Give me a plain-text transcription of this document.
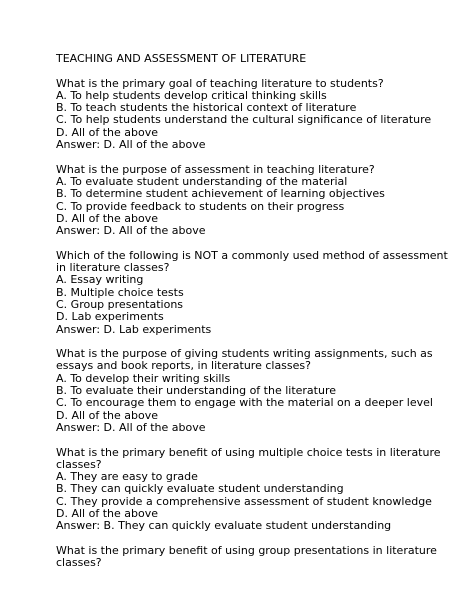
TEACHING AND ASSESSMENT OF LITERATURE
What is the primary goal of teaching literature to students?
A. To help students develop critical thinking skills
B. To teach students the historical context of literature
C. To help students understand the cultural significance of literature
D. All of the above
Answer: D. All of the above
What is the purpose of assessment in teaching literature?
A. To evaluate student understanding of the material
B. To determine student achievement of learning objectives
C. To provide feedback to students on their progress
D. All of the above
Answer: D. All of the above
Which of the following is NOT a commonly used method of assessment
in literature classes?
A. Essay writing
B. Multiple choice tests
C. Group presentations
D. Lab experiments
Answer: D. Lab experiments
What is the purpose of giving students writing assignments, such as
essays and book reports, in literature classes?
A. To develop their writing skills
B. To evaluate their understanding of the literature
C. To encourage them to engage with the material on a deeper level
D. All of the above
Answer: D. All of the above
What is the primary benefit of using multiple choice tests in literature
classes?
A. They are easy to grade
B. They can quickly evaluate student understanding
C. They provide a comprehensive assessment of student knowledge
D. All of the above
Answer: B. They can quickly evaluate student understanding
What is the primary benefit of using group presentations in literature
classes?
